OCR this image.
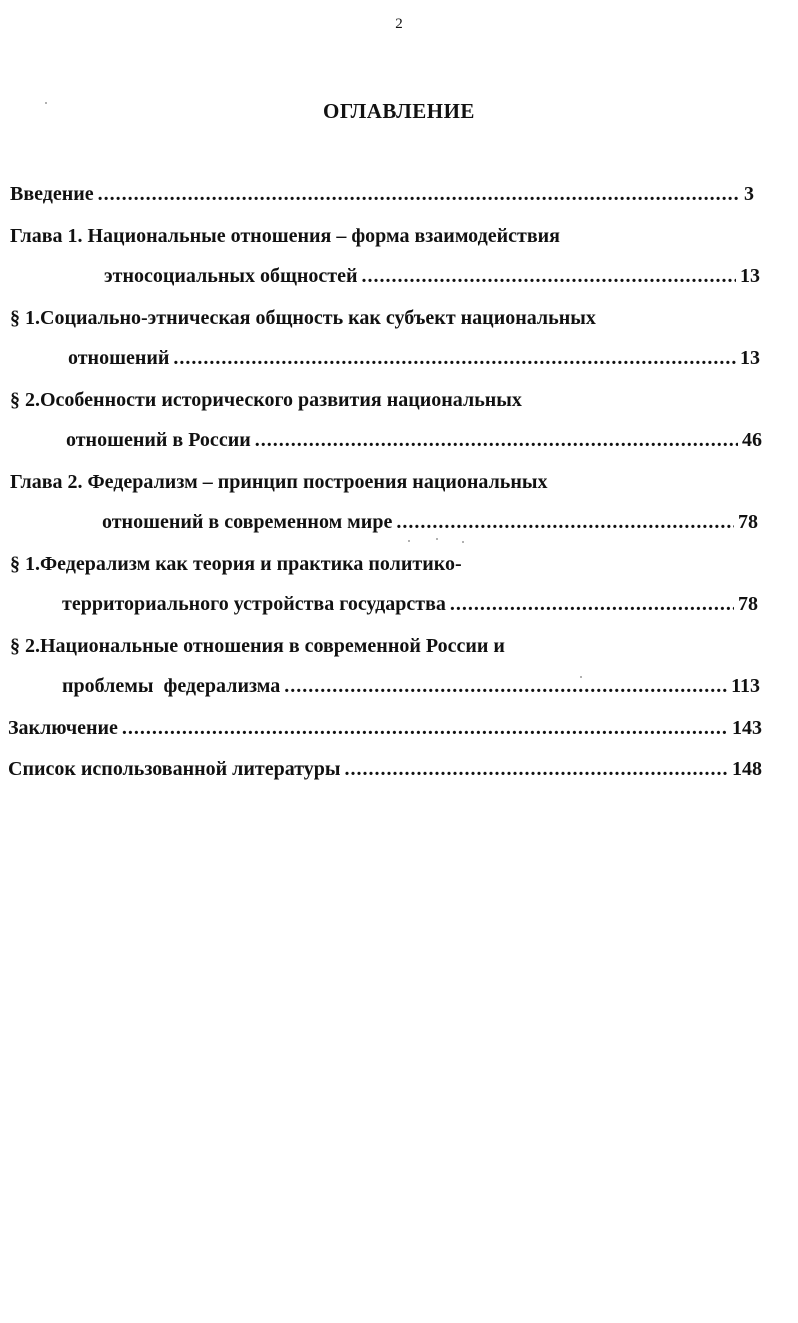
2
ОГЛАВЛЕНИЕ
Введение .....	3
Глава 1. Национальные отношения – форма взаимодействия
этносоциальных общностей .....	13
§ 1.Социально-этническая общность как субъект национальных
отношений .....	13
§ 2.Особенности исторического развития национальных
отношений в России .....	46
Глава 2. Федерализм – принцип построения национальных
отношений в современном мире .....	78
§ 1.Федерализм как теория и практика политико-
территориального устройства государства .....	78
§ 2.Национальные отношения в современной России и
проблемы  федерализма .....	113
Заключение .....	143
Список использованной литературы .....	148
